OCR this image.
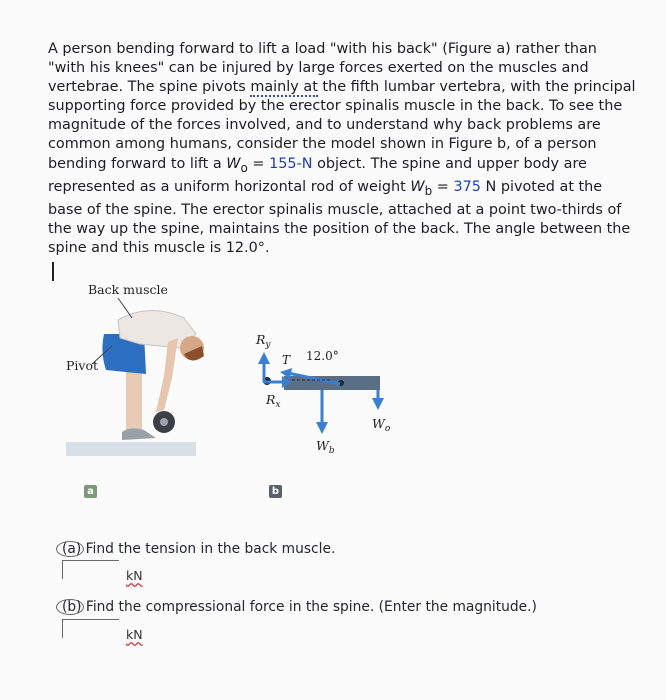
A person bending forward to lift a load "with his back" (Figure a) rather than "with his knees" can be injured by large forces exerted on the muscles and vertebrae. The spine pivots mainly at the fifth lumbar vertebra, with the principal supporting force provided by the erector spinalis muscle in the back. To see the magnitude of the forces involved, and to understand why back problems are common among humans, consider the model shown in Figure b, of a person bending forward to lift a $W_o = 155-N$ object. The spine and upper body are represented as a uniform horizontal rod of weight $W_b = 375$ N pivoted at the base of the spine. The erector spinalis muscle, attached at a point two-thirds of the way up the spine, maintains the position of the back. The angle between the spine and this muscle is 12.0°.

Back muscle
Pivot
$R_y$
$R_x$
T 12.0°
$W_b$
$W_o$
a	b
(a) Find the tension in the back muscle.
kN
(b) Find the compressional force in the spine. (Enter the magnitude.)
kN
